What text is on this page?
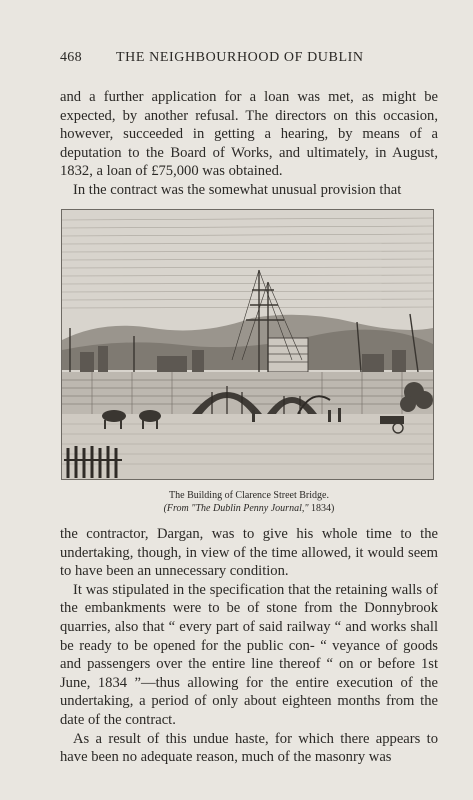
468 THE NEIGHBOURHOOD OF DUBLIN

and a further application for a loan was met, as might be expected, by another refusal. The directors on this occasion, however, succeeded in getting a hearing, by means of a deputation to the Board of Works, and ultimately, in August, 1832, a loan of £75,000 was obtained.

In the contract was the somewhat unusual provision that

The Building of Clarence Street Bridge.
(From "The Dublin Penny Journal," 1834)

the contractor, Dargan, was to give his whole time to the undertaking, though, in view of the time allowed, it would seem to have been an unnecessary condition.

It was stipulated in the specification that the retaining walls of the embankments were to be of stone from the Donnybrook quarries, also that “ every part of said railway “ and works shall be ready to be opened for the public con- “ veyance of goods and passengers over the entire line thereof “ on or before 1st June, 1834 ”—thus allowing for the entire execution of the undertaking, a period of only about eighteen months from the date of the contract.

As a result of this undue haste, for which there appears to have been no adequate reason, much of the masonry was
